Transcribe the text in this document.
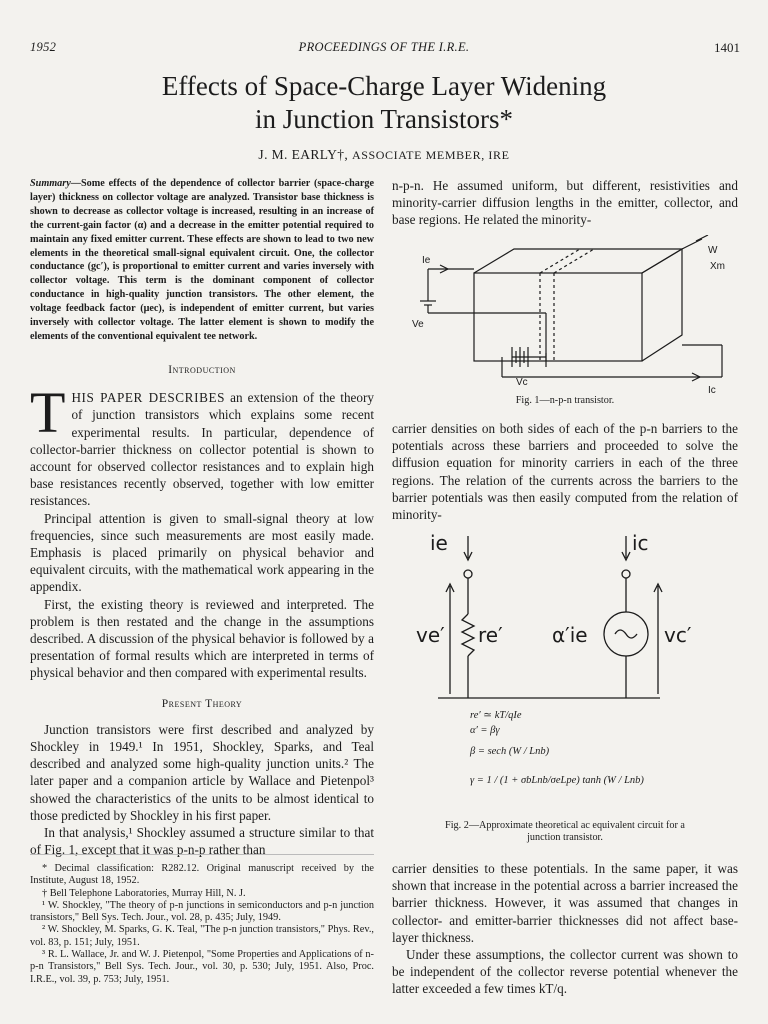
1952	PROCEEDINGS OF THE I.R.E.	1401
Effects of Space-Charge Layer Widening
in Junction Transistors*
J. M. EARLY†, ASSOCIATE MEMBER, IRE
Summary—Some effects of the dependence of collector barrier (space-charge layer) thickness on collector voltage are analyzed. Transistor base thickness is shown to decrease as collector voltage is increased, resulting in an increase of the current-gain factor (α) and a decrease in the emitter potential required to maintain any fixed emitter current. These effects are shown to lead to two new elements in the theoretical small-signal equivalent circuit. One, the collector conductance (gc′), is proportional to emitter current and varies inversely with collector voltage. This term is the dominant component of collector conductance in high-quality junction transistors. The other element, the voltage feedback factor (μec), is independent of emitter current, but varies inversely with collector voltage. The latter element is shown to modify the elements of the conventional equivalent tee network.
Introduction

THIS PAPER DESCRIBES an extension of the theory of junction transistors which explains some recent experimental results. In particular, dependence of collector-barrier thickness on collector potential is shown to account for observed collector resistances and to explain high base resistances recently observed, together with low emitter resistances.

Principal attention is given to small-signal theory at low frequencies, since such measurements are most easily made. Emphasis is placed primarily on physical behavior and equivalent circuits, with the mathematical work appearing in the appendix.

First, the existing theory is reviewed and interpreted. The problem is then restated and the change in the assumptions described. A discussion of the physical behavior is followed by a presentation of formal results which are interpreted in terms of physical behavior and then compared with experimental results.

Present Theory

Junction transistors were first described and analyzed by Shockley in 1949.¹ In 1951, Shockley, Sparks, and Teal described and analyzed some high-quality junction units.² The later paper and a companion article by Wallace and Pietenpol³ showed the characteristics of the units to be almost identical to those predicted by Shockley in his first paper.

In that analysis,¹ Shockley assumed a structure similar to that of Fig. 1, except that it was p-n-p rather than

* Decimal classification: R282.12. Original manuscript received by the Institute, August 18, 1952.
† Bell Telephone Laboratories, Murray Hill, N. J.
¹ W. Shockley, "The theory of p-n junctions in semiconductors and p-n junction transistors," Bell Sys. Tech. Jour., vol. 28, p. 435; July, 1949.
² W. Shockley, M. Sparks, G. K. Teal, "The p-n junction transistors," Phys. Rev., vol. 83, p. 151; July, 1951.
³ R. L. Wallace, Jr. and W. J. Pietenpol, "Some Properties and Applications of n-p-n Transistors," Bell Sys. Tech. Jour., vol. 30, p. 530; July, 1951. Also, Proc. I.R.E., vol. 39, p. 753; July, 1951.

n-p-n. He assumed uniform, but different, resistivities and minority-carrier diffusion lengths in the emitter, collector, and base regions. He related the minority-

Ie
W
Xm
Ve
Vc
Ic
Fig. 1—n-p-n transistor.

carrier densities on both sides of each of the p-n barriers to the potentials across these barriers and proceeded to solve the diffusion equation for minority carriers in each of the three regions. The relation of the currents across the barriers to the barrier potentials was then easily computed from the relation of minority-

ie	ic
ve′ re′ α′ie	vc′
re′ ≃ kT/qIe
α′ = βγ
β = sech (W / Lnb)
γ = 1 / (1 + σbLnb/σeLpe) tanh (W / Lnb)
Fig. 2—Approximate theoretical ac equivalent circuit for a
junction transistor.

carrier densities to these potentials. In the same paper, it was shown that increase in the potential across a barrier increased the barrier thickness. However, it was assumed that changes in collector- and emitter-barrier thicknesses did not affect base-layer thickness.

Under these assumptions, the collector current was shown to be independent of the collector reverse potential whenever the latter exceeded a few times kT/q.
